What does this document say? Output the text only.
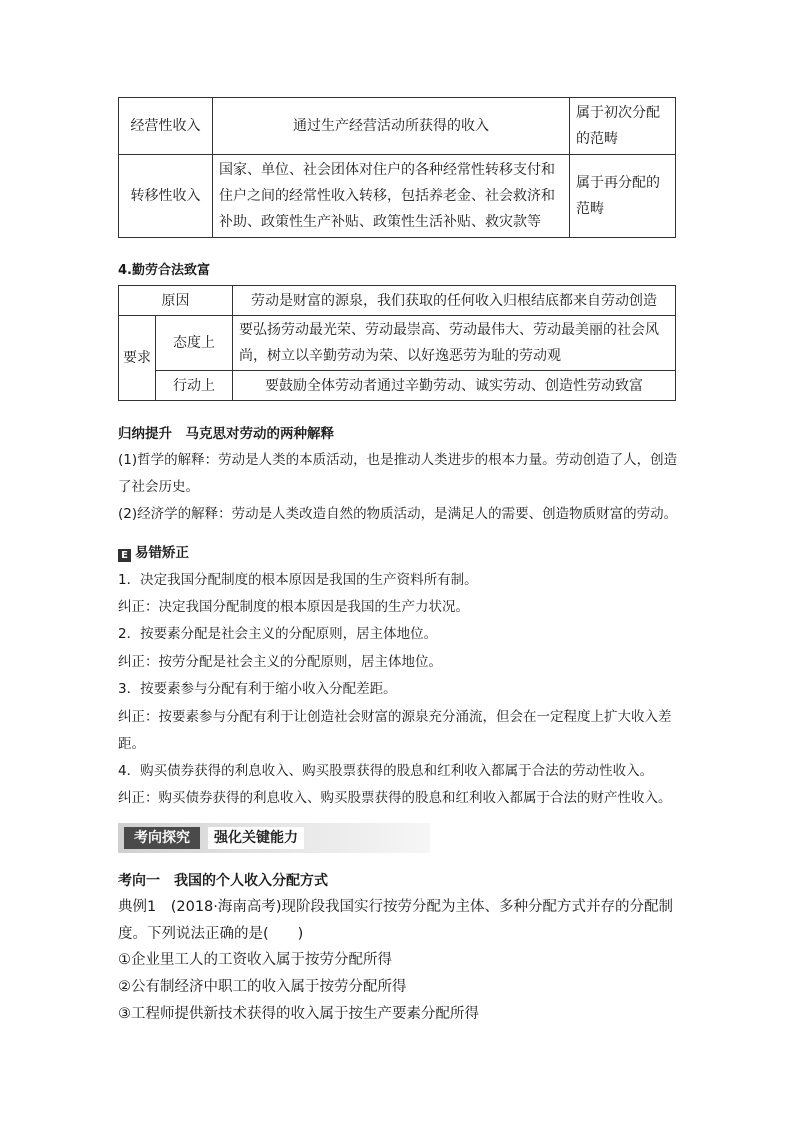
经营性收入	通过生产经营活动所获得的收入	属于初次分配的范畴
转移性收入	国家、单位、社会团体对住户的各种经常性转移支付和住户之间的经常性收入转移，包括养老金、社会救济和补助、政策性生产补贴、政策性生活补贴、救灾款等	属于再分配的范畴
4.勤劳合法致富
原因		劳动是财富的源泉，我们获取的任何收入归根结底都来自劳动创造
要求	态度上	要弘扬劳动最光荣、劳动最崇高、劳动最伟大、劳动最美丽的社会风尚，树立以辛勤劳动为荣、以好逸恶劳为耻的劳动观
	行动上	要鼓励全体劳动者通过辛勤劳动、诚实劳动、创造性劳动致富
归纳提升　马克思对劳动的两种解释
(1)哲学的解释：劳动是人类的本质活动，也是推动人类进步的根本力量。劳动创造了人，创造了社会历史。
(2)经济学的解释：劳动是人类改造自然的物质活动，是满足人的需要、创造物质财富的劳动。
E 易错矫正
1．决定我国分配制度的根本原因是我国的生产资料所有制。
纠正：决定我国分配制度的根本原因是我国的生产力状况。
2．按要素分配是社会主义的分配原则，居主体地位。
纠正：按劳分配是社会主义的分配原则，居主体地位。
3．按要素参与分配有利于缩小收入分配差距。
纠正：按要素参与分配有利于让创造社会财富的源泉充分涌流，但会在一定程度上扩大收入差距。
4．购买债券获得的利息收入、购买股票获得的股息和红利收入都属于合法的劳动性收入。
纠正：购买债券获得的利息收入、购买股票获得的股息和红利收入都属于合法的财产性收入。
考向探究	强化关键能力
考向一　我国的个人收入分配方式
典例1　(2018·海南高考)现阶段我国实行按劳分配为主体、多种分配方式并存的分配制度。下列说法正确的是(　　)
①企业里工人的工资收入属于按劳分配所得
②公有制经济中职工的收入属于按劳分配所得
③工程师提供新技术获得的收入属于按生产要素分配所得
